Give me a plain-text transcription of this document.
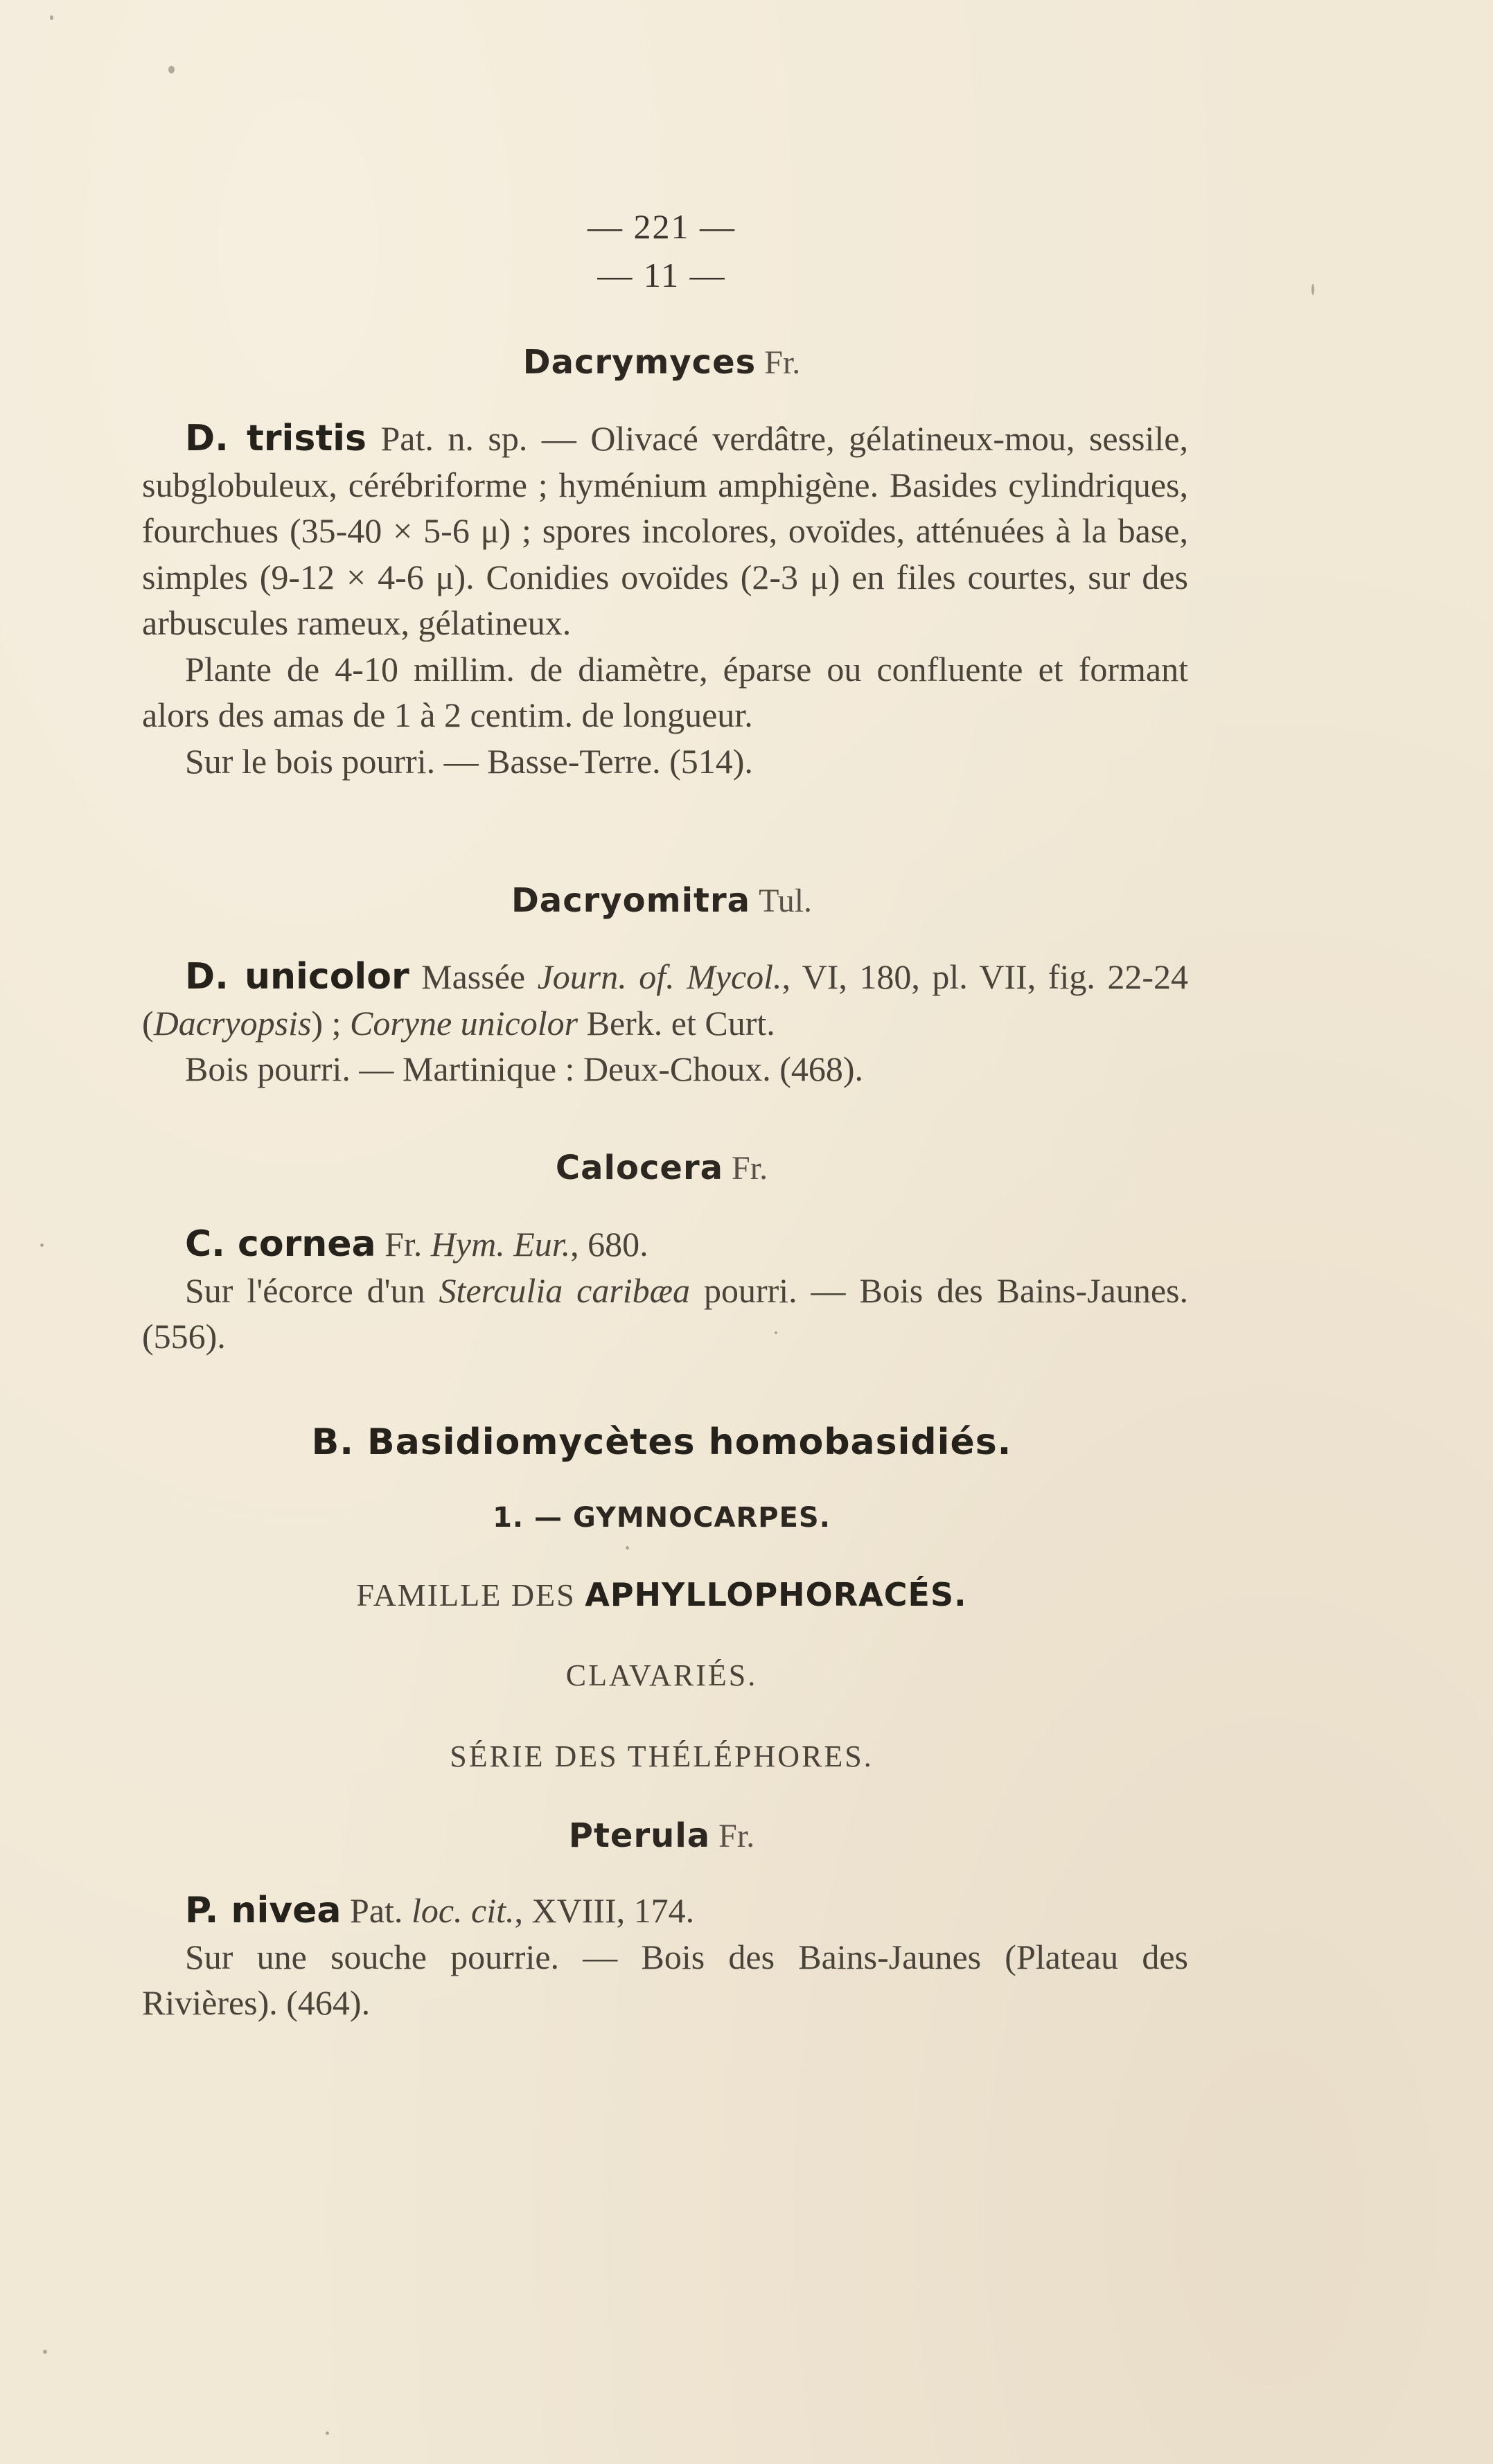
— 221 —
— 11 —
Dacrymyces Fr.
D. tristis Pat. n. sp. — Olivacé verdâtre, gélatineux-mou, sessile, subglobuleux, cérébriforme ; hyménium amphigène. Basides cylindriques, fourchues (35-40 × 5-6 μ) ; spores incolores, ovoïdes, atténuées à la base, simples (9-12 × 4-6 μ). Conidies ovoïdes (2-3 μ) en files courtes, sur des arbuscules rameux, gélatineux.
Plante de 4-10 millim. de diamètre, éparse ou confluente et formant alors des amas de 1 à 2 centim. de longueur.
Sur le bois pourri. — Basse-Terre. (514).
Dacryomitra Tul.
D. unicolor Massée Journ. of. Mycol., VI, 180, pl. VII, fig. 22-24 (Dacryopsis) ; Coryne unicolor Berk. et Curt.
Bois pourri. — Martinique : Deux-Choux. (468).
Calocera Fr.
C. cornea Fr. Hym. Eur., 680.
Sur l'écorce d'un Sterculia caribæa pourri. — Bois des Bains-Jaunes. (556).
B. Basidiomycètes homobasidiés.
1. — GYMNOCARPES.
FAMILLE DES APHYLLOPHORACÉS.
CLAVARIÉS.
SÉRIE DES THÉLÉPHORES.
Pterula Fr.
P. nivea Pat. loc. cit., XVIII, 174.
Sur une souche pourrie. — Bois des Bains-Jaunes (Plateau des Rivières). (464).
